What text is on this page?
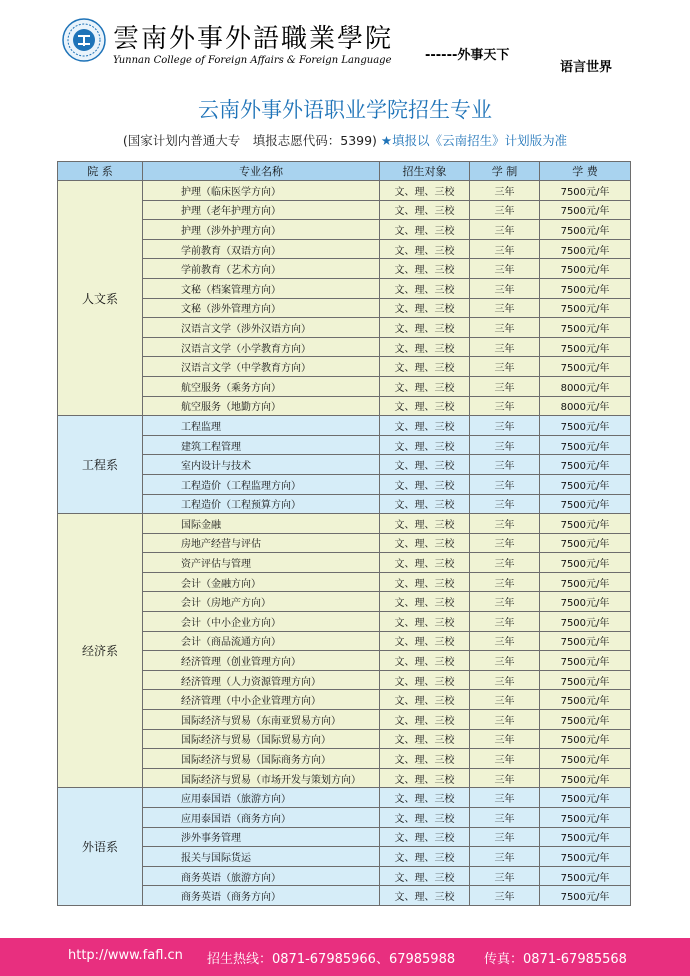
雲南外事外語職業學院
Yunnan College of Foreign Affairs & Foreign Language	------外事天下
语言世界
云南外事外语职业学院招生专业
(国家计划内普通大专　填报志愿代码：5399) ★填报以《云南招生》计划版为准
院 系	专业名称	招生对象	学 制	学 费
人文系	护理（临床医学方向）	文、理、三校	三年	7500元/年
	护理（老年护理方向）	文、理、三校	三年	7500元/年
	护理（涉外护理方向）	文、理、三校	三年	7500元/年
	学前教育（双语方向）	文、理、三校	三年	7500元/年
	学前教育（艺术方向）	文、理、三校	三年	7500元/年
	文秘（档案管理方向）	文、理、三校	三年	7500元/年
	文秘（涉外管理方向）	文、理、三校	三年	7500元/年
	汉语言文学（涉外汉语方向）	文、理、三校	三年	7500元/年
	汉语言文学（小学教育方向）	文、理、三校	三年	7500元/年
	汉语言文学（中学教育方向）	文、理、三校	三年	7500元/年
	航空服务（乘务方向）	文、理、三校	三年	8000元/年
	航空服务（地勤方向）	文、理、三校	三年	8000元/年
工程系	工程监理	文、理、三校	三年	7500元/年
	建筑工程管理	文、理、三校	三年	7500元/年
	室内设计与技术	文、理、三校	三年	7500元/年
	工程造价（工程监理方向）	文、理、三校	三年	7500元/年
	工程造价（工程预算方向）	文、理、三校	三年	7500元/年
经济系	国际金融	文、理、三校	三年	7500元/年
	房地产经营与评估	文、理、三校	三年	7500元/年
	资产评估与管理	文、理、三校	三年	7500元/年
	会计（金融方向）	文、理、三校	三年	7500元/年
	会计（房地产方向）	文、理、三校	三年	7500元/年
	会计（中小企业方向）	文、理、三校	三年	7500元/年
	会计（商品流通方向）	文、理、三校	三年	7500元/年
	经济管理（创业管理方向）	文、理、三校	三年	7500元/年
	经济管理（人力资源管理方向）	文、理、三校	三年	7500元/年
	经济管理（中小企业管理方向）	文、理、三校	三年	7500元/年
	国际经济与贸易（东南亚贸易方向）	文、理、三校	三年	7500元/年
	国际经济与贸易（国际贸易方向）	文、理、三校	三年	7500元/年
	国际经济与贸易（国际商务方向）	文、理、三校	三年	7500元/年
	国际经济与贸易（市场开发与策划方向）	文、理、三校	三年	7500元/年
外语系	应用泰国语（旅游方向）	文、理、三校	三年	7500元/年
	应用泰国语（商务方向）	文、理、三校	三年	7500元/年
	涉外事务管理	文、理、三校	三年	7500元/年
	报关与国际货运	文、理、三校	三年	7500元/年
	商务英语（旅游方向）	文、理、三校	三年	7500元/年
	商务英语（商务方向）	文、理、三校	三年	7500元/年
http://www.fafl.cn 招生热线：0871-67985966、67985988 传真：0871-67985568
